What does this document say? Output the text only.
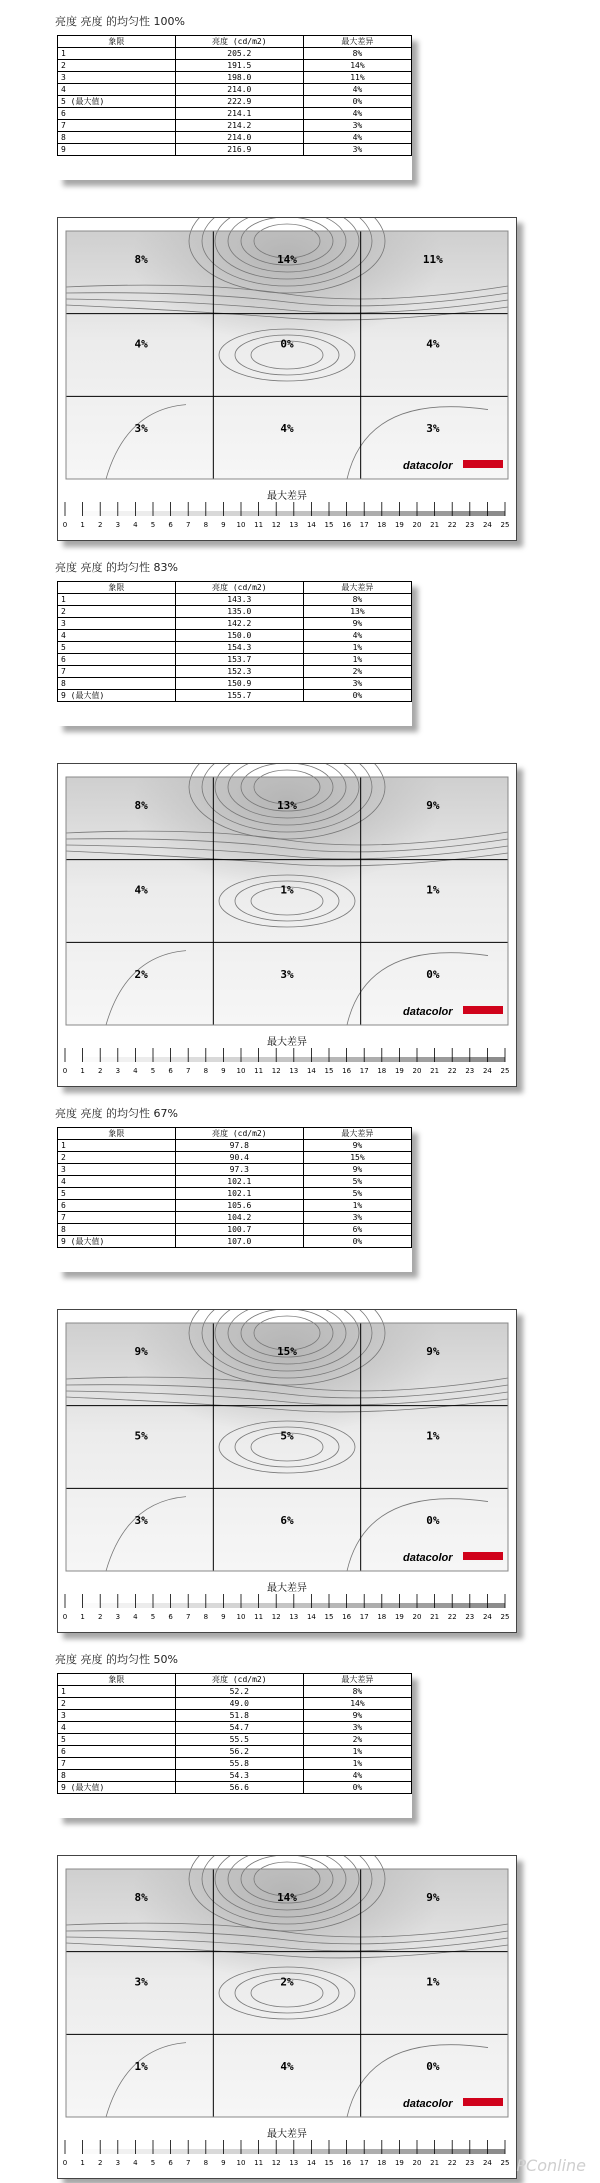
亮度 亮度 的均匀性 100%
象限	亮度 (cd/m2)	最大差异
1	205.2	8%
2	191.5	14%
3	198.0	11%
4	214.0	4%
5 (最大值)	222.9	0%
6	214.1	4%
7	214.2	3%
8	214.0	4%
9	216.9	3%
8%	14%	11%
4%	0%	4%
3%	4%	3%
datacolor
最大差异
0 1 2 3 4 5 6 7 8 9 10 11 12 13 14 15 16 17 18 19 20 21 22 23 24 25
亮度 亮度 的均匀性 83%
象限	亮度 (cd/m2)	最大差异
1	143.3	8%
2	135.0	13%
3	142.2	9%
4	150.0	4%
5	154.3	1%
6	153.7	1%
7	152.3	2%
8	150.9	3%
9 (最大值)	155.7	0%
8%	13%	9%
4%	1%	1%
2%	3%	0%
datacolor
最大差异
0 1 2 3 4 5 6 7 8 9 10 11 12 13 14 15 16 17 18 19 20 21 22 23 24 25
亮度 亮度 的均匀性 67%
象限	亮度 (cd/m2)	最大差异
1	97.8	9%
2	90.4	15%
3	97.3	9%
4	102.1	5%
5	102.1	5%
6	105.6	1%
7	104.2	3%
8	100.7	6%
9 (最大值)	107.0	0%
9%	15%	9%
5%	5%	1%
3%	6%	0%
datacolor
最大差异
0 1 2 3 4 5 6 7 8 9 10 11 12 13 14 15 16 17 18 19 20 21 22 23 24 25
亮度 亮度 的均匀性 50%
象限	亮度 (cd/m2)	最大差异
1	52.2	8%
2	49.0	14%
3	51.8	9%
4	54.7	3%
5	55.5	2%
6	56.2	1%
7	55.8	1%
8	54.3	4%
9 (最大值)	56.6	0%
8%	14%	9%
3%	2%	1%
1%	4%	0%
datacolor
最大差异
0 1 2 3 4 5 6 7 8 9 10 11 12 13 14 15 16 17 18 19 20 21 22 23 24 25 PConline
